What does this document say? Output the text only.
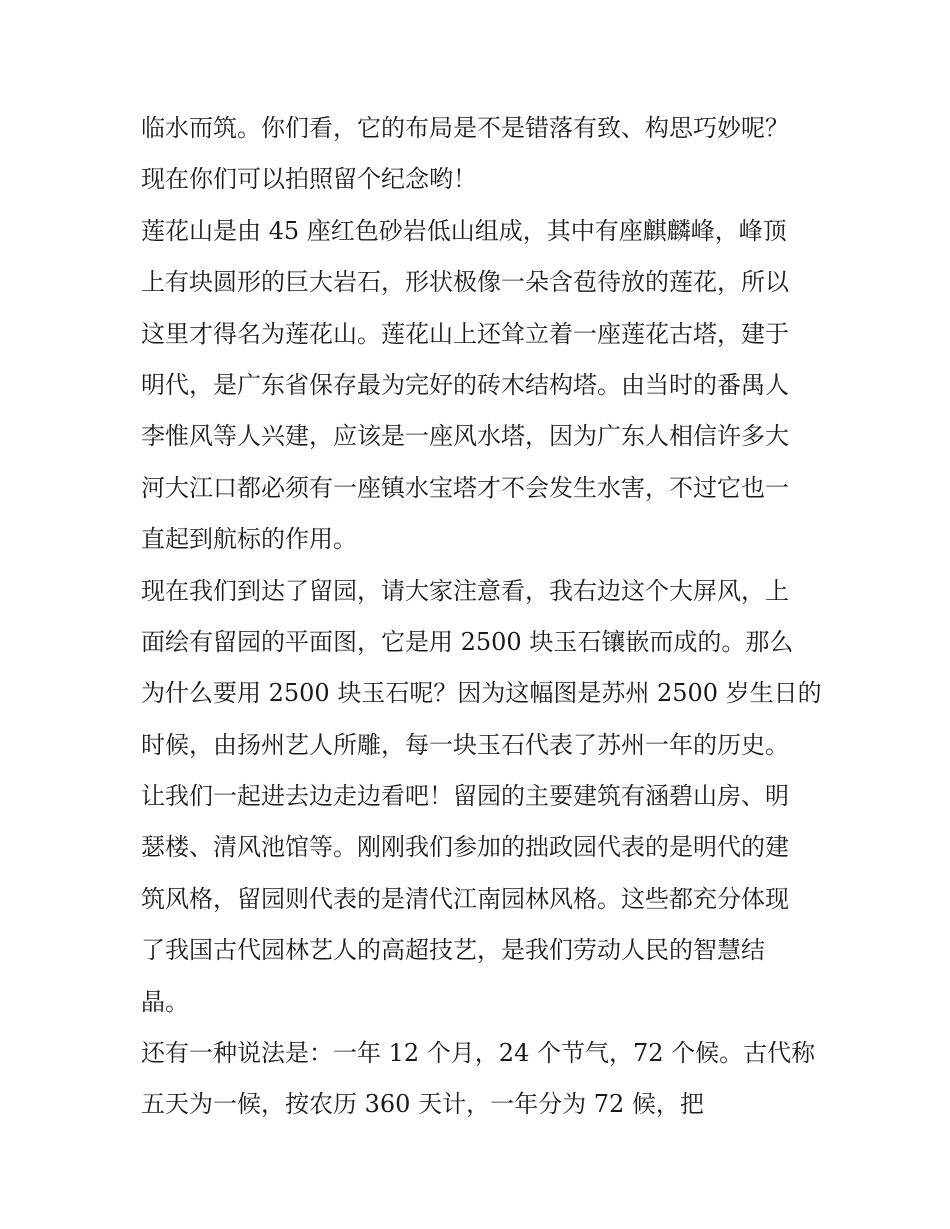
临水而筑。你们看，它的布局是不是错落有致、构思巧妙呢？
现在你们可以拍照留个纪念哟！
莲花山是由 45 座红色砂岩低山组成，其中有座麒麟峰，峰顶
上有块圆形的巨大岩石，形状极像一朵含苞待放的莲花，所以
这里才得名为莲花山。莲花山上还耸立着一座莲花古塔，建于
明代，是广东省保存最为完好的砖木结构塔。由当时的番禺人
李惟风等人兴建，应该是一座风水塔，因为广东人相信许多大
河大江口都必须有一座镇水宝塔才不会发生水害，不过它也一
直起到航标的作用。
现在我们到达了留园，请大家注意看，我右边这个大屏风，上
面绘有留园的平面图，它是用 2500 块玉石镶嵌而成的。那么
为什么要用 2500 块玉石呢？因为这幅图是苏州 2500 岁生日的
时候，由扬州艺人所雕，每一块玉石代表了苏州一年的历史。
让我们一起进去边走边看吧！留园的主要建筑有涵碧山房、明
瑟楼、清风池馆等。刚刚我们参加的拙政园代表的是明代的建
筑风格，留园则代表的是清代江南园林风格。这些都充分体现
了我国古代园林艺人的高超技艺，是我们劳动人民的智慧结
晶。
还有一种说法是：一年 12 个月，24 个节气，72 个候。古代称
五天为一候，按农历 360 天计，一年分为 72 候，把
